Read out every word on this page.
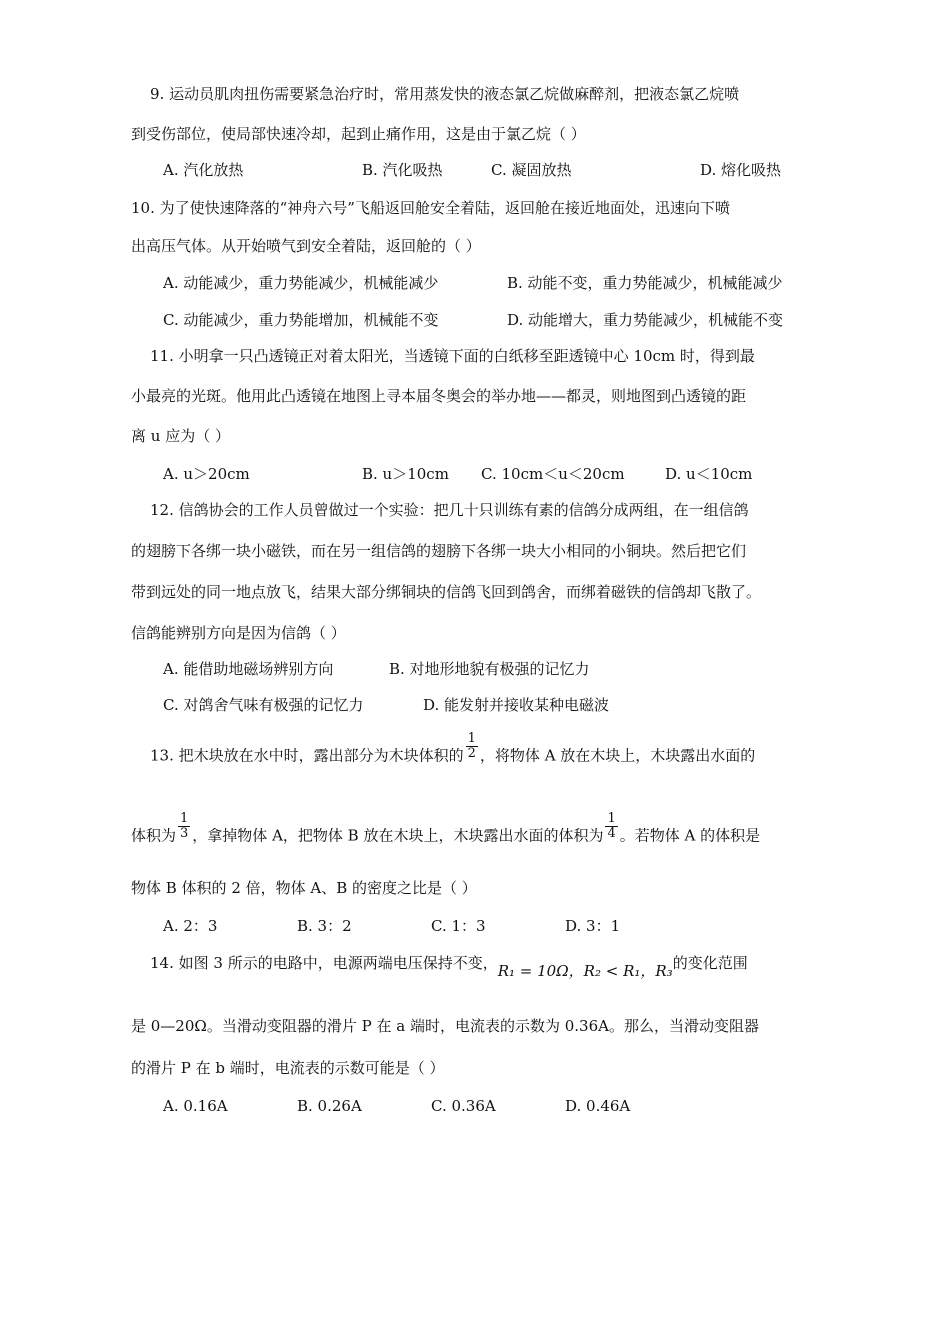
9. 运动员肌肉扭伤需要紧急治疗时，常用蒸发快的液态氯乙烷做麻醉剂，把液态氯乙烷喷
到受伤部位，使局部快速冷却，起到止痛作用，这是由于氯乙烷（ ）
A. 汽化放热	B. 汽化吸热	C. 凝固放热	D. 熔化吸热
10. 为了使快速降落的“神舟六号”飞船返回舱安全着陆，返回舱在接近地面处，迅速向下喷
出高压气体。从开始喷气到安全着陆，返回舱的（ ）
A. 动能减少，重力势能减少，机械能减少	B. 动能不变，重力势能减少，机械能减少
C. 动能减少，重力势能增加，机械能不变	D. 动能增大，重力势能减少，机械能不变
11. 小明拿一只凸透镜正对着太阳光，当透镜下面的白纸移至距透镜中心 10cm 时，得到最
小最亮的光斑。他用此凸透镜在地图上寻本届冬奥会的举办地——都灵，则地图到凸透镜的距
离 u 应为（ ）
A. u＞20cm	B. u＞10cm C. 10cm＜u＜20cm	D. u＜10cm
12. 信鸽协会的工作人员曾做过一个实验：把几十只训练有素的信鸽分成两组，在一组信鸽
的翅膀下各绑一块小磁铁，而在另一组信鸽的翅膀下各绑一块大小相同的小铜块。然后把它们
带到远处的同一地点放飞，结果大部分绑铜块的信鸽飞回到鸽舍，而绑着磁铁的信鸽却飞散了。
信鸽能辨别方向是因为信鸽（ ）
A. 能借助地磁场辨别方向	B. 对地形地貌有极强的记忆力
C. 对鸽舍气味有极强的记忆力	D. 能发射并接收某种电磁波
13. 把木块放在水中时，露出部分为木块体积的 $\frac{1}{2}$ ，将物体 A 放在木块上，木块露出水面的
体积为 $\frac{1}{3}$ ，拿掉物体 A，把物体 B 放在木块上，木块露出水面的体积为 $\frac{1}{4}$ 。若物体 A 的体积是
物体 B 体积的 2 倍，物体 A、B 的密度之比是（ ）
A. 2：3	B. 3：2	C. 1：3	D. 3：1
14. 如图 3 所示的电路中，电源两端电压保持不变，R₁ = 10Ω，R₂ < R₁，R₃的变化范围
是 0—20Ω。当滑动变阻器的滑片 P 在 a 端时，电流表的示数为 0.36A。那么，当滑动变阻器
的滑片 P 在 b 端时，电流表的示数可能是（ ）
A. 0.16A	B. 0.26A	C. 0.36A	D. 0.46A
